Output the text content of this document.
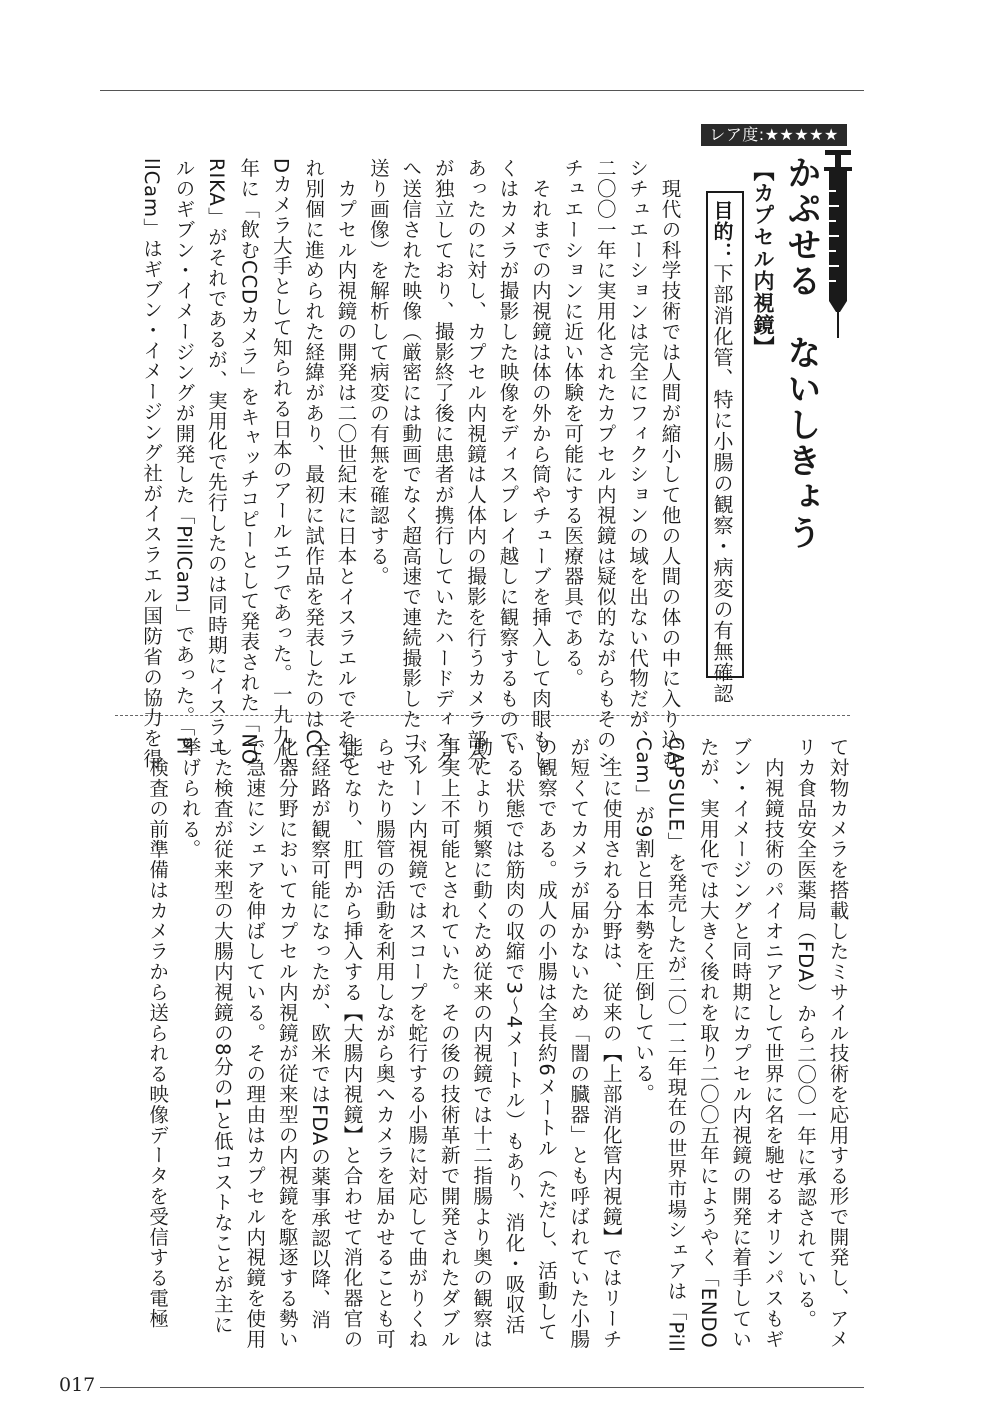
レア度:★★★★★
かぷせる　ないしきょう
【カプセル内視鏡】
目的：下部消化管、特に小腸の観察・病変の有無確認
　現代の科学技術では人間が縮小して他の人間の体の中に入り込む
シチュエーションは完全にフィクションの域を出ない代物だが、
二〇〇一年に実用化されたカプセル内視鏡は疑似的ながらもそのシ
チュエーションに近い体験を可能にする医療器具である。
　それまでの内視鏡は体の外から筒やチューブを挿入して肉眼もし
くはカメラが撮影した映像をディスプレイ越しに観察するもので
あったのに対し、カプセル内視鏡は人体内の撮影を行うカメラ部分
が独立しており、撮影終了後に患者が携行していたハードディスク
へ送信された映像（厳密には動画でなく超高速で連続撮影したコマ
送り画像）を解析して病変の有無を確認する。
　カプセル内視鏡の開発は二〇世紀末に日本とイスラエルでそれぞ
れ別個に進められた経緯があり、最初に試作品を発表したのはCC
Dカメラ大手として知られる日本のアールエフであった。一九九八
年に「飲むCCDカメラ」をキャッチコピーとして発表された「NO
RIKA」がそれであるが、実用化で先行したのは同時期にイスラエ
ルのギブン・イメージングが開発した「PillCam」であった。「Pi
llCam」はギブン・イメージング社がイスラエル国防省の協力を得
て対物カメラを搭載したミサイル技術を応用する形で開発し、アメ
リカ食品安全医薬局（FDA）から二〇〇一年に承認されている。
　内視鏡技術のパイオニアとして世界に名を馳せるオリンパスもギ
ブン・イメージングと同時期にカプセル内視鏡の開発に着手してい
たが、実用化では大きく後れを取り二〇〇五年にようやく「ENDO
CAPSULE」を発売したが二〇一二年現在の世界市場シェアは「Pill
Cam」が9割と日本勢を圧倒している。
　主に使用される分野は、従来の【上部消化管内視鏡】ではリーチ
が短くてカメラが届かないため「闇の臓器」とも呼ばれていた小腸
の観察である。成人の小腸は全長約6メートル（ただし、活動して
いる状態では筋肉の収縮で3〜4メートル）もあり、消化・吸収活
動により頻繁に動くため従来の内視鏡では十二指腸より奥の観察は
事実上不可能とされていた。その後の技術革新で開発されたダブル
バルーン内視鏡ではスコープを蛇行する小腸に対応して曲がりくね
らせたり腸管の活動を利用しながら奥へカメラを届かせることも可
能となり、肛門から挿入する【大腸内視鏡】と合わせて消化器官の
全経路が観察可能になったが、欧米ではFDAの薬事承認以降、消
化器分野においてカプセル内視鏡が従来型の内視鏡を駆逐する勢い
で急速にシェアを伸ばしている。その理由はカプセル内視鏡を使用
した検査が従来型の大腸内視鏡の8分の1と低コストなことが主に
挙げられる。
　検査の前準備はカメラから送られる映像データを受信する電極
017
